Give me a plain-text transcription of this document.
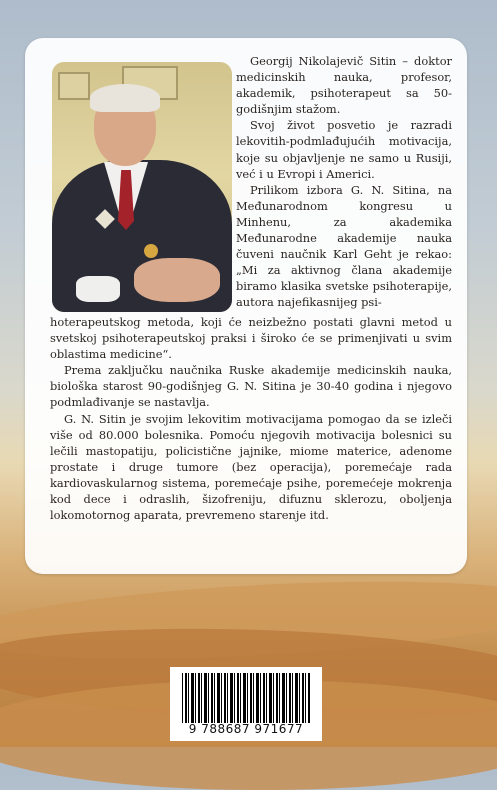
Georgij Nikolajevič Sitin – doktor medicinskih nauka, profesor, akademik, psihoterapeut sa 50-godišnjim stažom.

Svoj život posvetio je razradi lekovitih-podmlađujućih motivacija, koje su objavljenje ne samo u Rusiji, već i u Evropi i Americi.

Prilikom izbora G. N. Sitina, na Međunarodnom kongresu u Minhenu, za akademika Međunarodne akademije nauka čuveni naučnik Karl Geht je rekao: „Mi za aktivnog člana akademije biramo klasika svetske psihoterapije, autora najefikasnijeg psi-

hoterapeutskog metoda, koji će neizbežno postati glavni metod u svetskoj psihoterapeutskoj praksi i široko će se primenjivati u svim oblastima medicine“.

Prema zaključku naučnika Ruske akademije medicinskih nauka, biološka starost 90-godišnjeg G. N. Sitina je 30-40 godina i njegovo podmlađivanje se nastavlja.

G. N. Sitin je svojim lekovitim motivacijama pomogao da se izleči više od 80.000 bolesnika. Pomoću njegovih motivacija bolesnici su lečili mastopatiju, policistične jajnike, miome materice, adenome prostate i druge tumore (bez operacija), poremećaje rada kardiovaskularnog sistema, poremećaje psihe, poremećeje mokrenja kod dece i odraslih, šizofreniju, difuznu sklerozu, oboljenja lokomotornog aparata, prevremeno starenje itd.

9 788687 971677
